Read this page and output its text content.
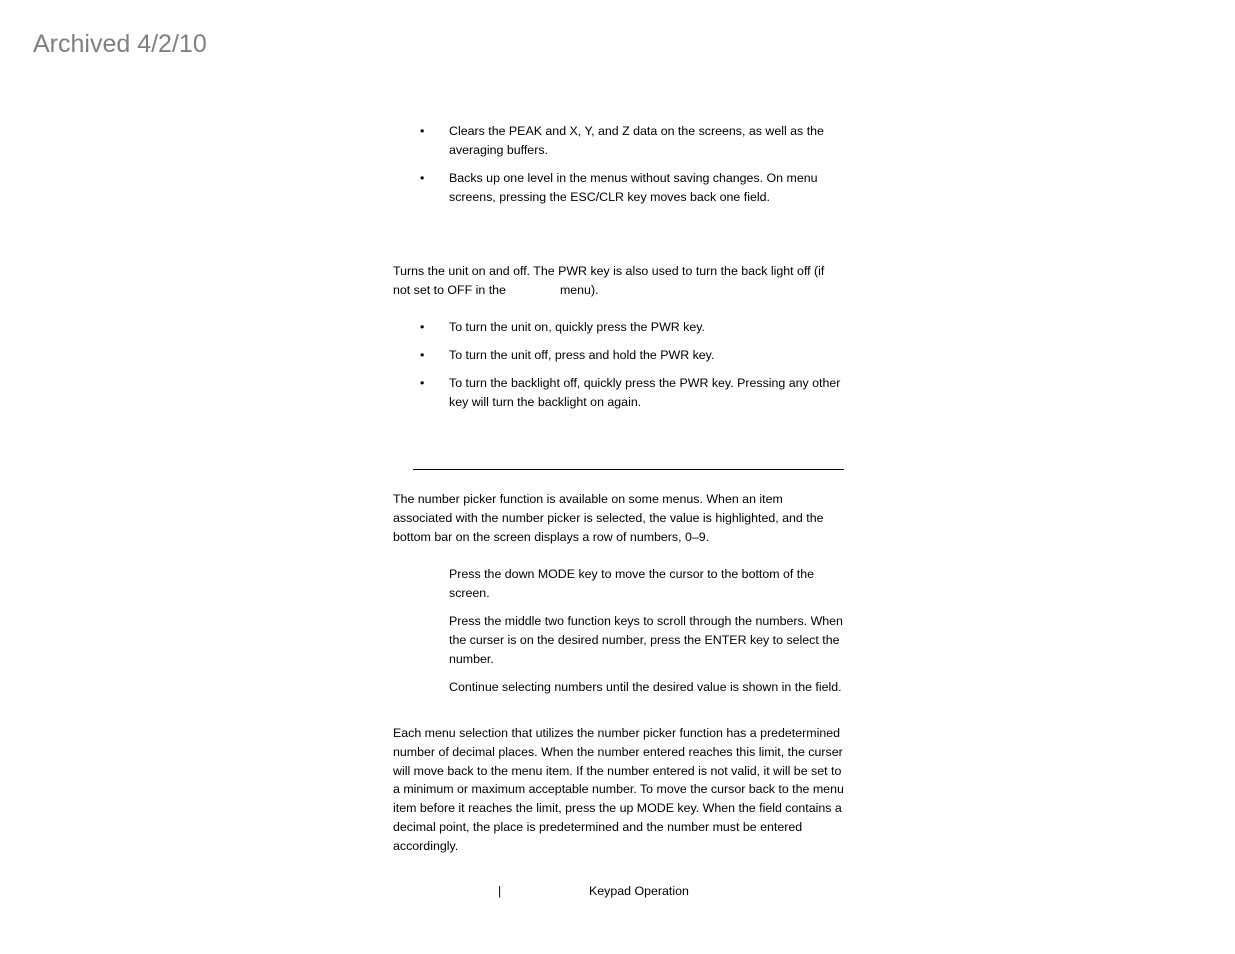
Archived 4/2/10
•	Clears the PEAK and X, Y, and Z data on the screens, as well as the averaging buffers.
•	Backs up one level in the menus without saving changes. On menu screens, pressing the ESC/CLR key moves back one field.

Turns the unit on and off. The PWR key is also used to turn the back light off (if not set to OFF in the	menu).

•	To turn the unit on, quickly press the PWR key.
•	To turn the unit off, press and hold the PWR key.
•	To turn the backlight off, quickly press the PWR key. Pressing any other key will turn the backlight on again.

The number picker function is available on some menus. When an item associated with the number picker is selected, the value is highlighted, and the bottom bar on the screen displays a row of numbers, 0–9.

Press the down MODE key to move the cursor to the bottom of the screen.
Press the middle two function keys to scroll through the numbers. When the curser is on the desired number, press the ENTER key to select the number.
Continue selecting numbers until the desired value is shown in the field.

Each menu selection that utilizes the number picker function has a predetermined number of decimal places. When the number entered reaches this limit, the curser will move back to the menu item. If the number entered is not valid, it will be set to a minimum or maximum acceptable number. To move the cursor back to the menu item before it reaches the limit, press the up MODE key. When the field contains a decimal point, the place is predetermined and the number must be entered accordingly.

|	Keypad Operation
